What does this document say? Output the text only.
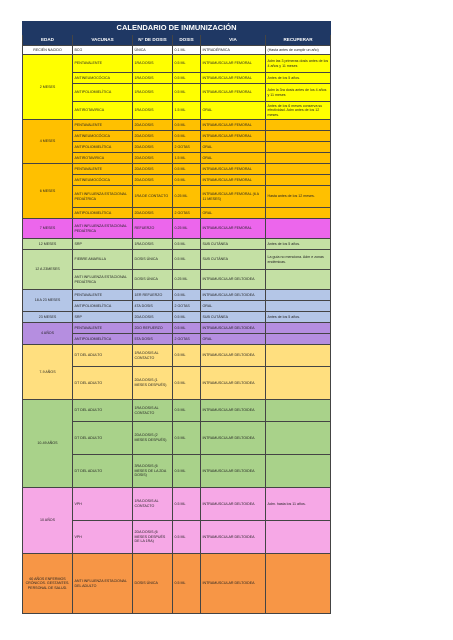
CALENDARIO DE INMUNIZACIÓN					
EDAD	VACUNAS	N° DE DOSIS	DOSIS	VIA	RECUPERAR
RECIÉN NACIDO	BCG	ÚNICA	0.1 ML	INTRADÉRMICA	(Hasta antes de cumplir un año)
2 MESES	PENTAVALENTE	1RA DOSIS	0.5 ML	INTRAMUSCULAR FEMORAL	Adm las 3 primeras dosis antes de los 4 años y 11 meses
	ANTINEUMOCÓCICA	1RA DOSIS	0.5 ML	INTRAMUSCULAR FEMORAL	Antes de los 5 años.
	ANTIPOLIOMIELÍTICA	1RA DOSIS	0.5 ML	INTRAMUSCULAR FEMORAL	Adm la 3ra dosis antes de los 4 años y 11 meses
	ANTIROTAVIRICA	1RA DOSIS	1.5 ML	ORAL	Antes de los 6 meses conserva su efectividad. Adm antes de los 12 meses.
4 MESES	PENTAVALENTE	2DA DOSIS	0.5 ML	INTRAMUSCULAR FEMORAL	
	ANTINEUMOCÓCICA	2DA DOSIS	0.5 ML	INTRAMUSCULAR FEMORAL	
	ANTIPOLIOMIELÍTICA	2DA DOSIS	2 GOTAS	ORAL	
	ANTIROTAVIRICA	2DA DOSIS	1.5 ML	ORAL	
6 MESES	PENTAVALENTE	2DA DOSIS	0.5 ML	INTRAMUSCULAR FEMORAL	
	ANTINEUMOCÓCICA	2DA DOSIS	0.5 ML	INTRAMUSCULAR FEMORAL	
	ANTI INFLUENZA ESTACIONAL PEDIÁTRICA	1RA DE CONTACTO	0.25 ML	INTRAMUSCULAR FEMORAL (6 A 11 MESES)	Hasta antes de los 12 meses.
	ANTIPOLIOMIELÍTICA	2DA DOSIS	2 GOTAS	ORAL	
7 MESES	ANTI INFLUENZA ESTACIONAL PEDIÁTRICA	REFUERZO	0.25 ML	INTRAMUSCULAR FEMORAL	
12 MESES	SRP	1RA DOSIS	0.5 ML	SUB CUTÁNEA	Antes de los 5 años.
12 A 23MESES	FIEBRE AMARILLA	DOSIS ÚNICA	0.5 ML	SUB CUTÁNEA	La guía no menciona. Adm e zonas endémicas.
	ANTI INFLUENZA ESTACIONAL PEDIÁTRICA	DOSIS ÚNICA	0.25 ML	INTRAMUSCULAR DELTOIDEA	
18 A 23 MESES	PENTAVALENTE	1ER REFUERZO	0.5 ML	INTRAMUSCULAR DELTOIDEA	
	ANTIPOLIOMIELÍTICA	4TA DOSIS	2 GOTAS	ORAL	
23 MESES	SRP	2DA DOSIS	0.5 ML	SUB CUTÁNEA	Antes de los 5 años.
4 AÑOS	PENTAVALENTE	2DO REFUERZO	0.5 ML	INTRAMUSCULAR DELTOIDEA	
	ANTIPOLIOMIELÍTICA	5TA DOSIS	2 GOTAS	ORAL	
7-9 AÑOS	DT DEL ADULTO	1RA DOSIS AL CONTACTO	0.5 ML	INTRAMUSCULAR DELTOIDEA	
	DT DEL ADULTO	2DA DOSIS (1 MESES DESPUÉS)	0.5 ML	INTRAMUSCULAR DELTOIDEA	
10-49 AÑOS	DT DEL ADULTO	1RA DOSIS AL CONTACTO	0.5 ML	INTRAMUSCULAR DELTOIDEA	
	DT DEL ADULTO	2DA DOSIS (2 MESES DESPUÉS)	0.5 ML	INTRAMUSCULAR DELTOIDEA	
	DT DEL ADULTO	3RA DOSIS (6 MESES DE LA 2DA DOSIS)	0.5 ML	INTRAMUSCULAR DELTOIDEA	
10 AÑOS	VPH	1RA DOSIS AL CONTACTO	0.5 ML	INTRAMUSCULAR DELTOIDEA	Adm. hasta los 11 años.
	VPH	2DA DOSIS (6 MESES DESPUÉS DE LA 1RA)	0.5 ML	INTRAMUSCULAR DELTOIDEA	
60 AÑOS ENFERMOS CRÓNICOS. GESTANTES. PERSONAL DE SALUD.	ANTI INFLUENZA ESTACIONAL DEL ADULTO	DOSIS ÚNICA	0.5 ML	INTRAMUSCULAR DELTOIDEA	
